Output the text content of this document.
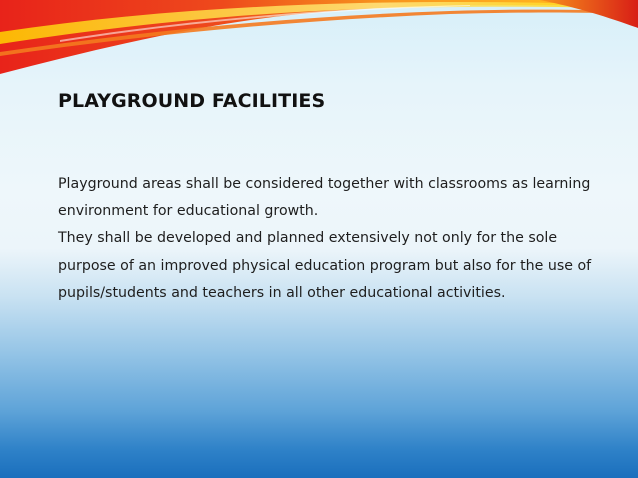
PLAYGROUND FACILITIES

Playground areas shall be considered together with classrooms as learning environment for educational growth.

They shall be developed and planned extensively not only for the sole purpose of an improved physical education program but also for the use of pupils/students and teachers in all other educational activities.
